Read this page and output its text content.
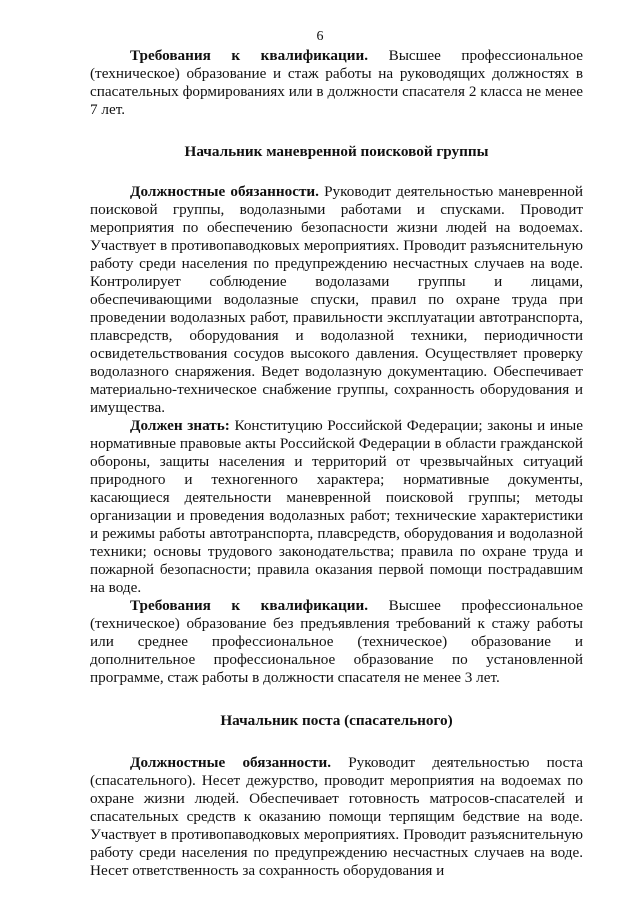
6

Требования к квалификации. Высшее профессиональное (техническое) образование и стаж работы на руководящих должностях в спасательных формированиях или в должности спасателя 2 класса не менее 7 лет.

Начальник маневренной поисковой группы

Должностные обязанности. Руководит деятельностью маневренной поисковой группы, водолазными работами и спусками. Проводит мероприятия по обеспечению безопасности жизни людей на водоемах. Участвует в противопаводковых мероприятиях. Проводит разъяснительную работу среди населения по предупреждению несчастных случаев на воде. Контролирует соблюдение водолазами группы и лицами, обеспечивающими водолазные спуски, правил по охране труда при проведении водолазных работ, правильности эксплуатации автотранспорта, плавсредств, оборудования и водолазной техники, периодичности освидетельствования сосудов высокого давления. Осуществляет проверку водолазного снаряжения. Ведет водолазную документацию. Обеспечивает материально-техническое снабжение группы, сохранность оборудования и имущества.

Должен знать: Конституцию Российской Федерации; законы и иные нормативные правовые акты Российской Федерации в области гражданской обороны, защиты населения и территорий от чрезвычайных ситуаций природного и техногенного характера; нормативные документы, касающиеся деятельности маневренной поисковой группы; методы организации и проведения водолазных работ; технические характеристики и режимы работы автотранспорта, плавсредств, оборудования и водолазной техники; основы трудового законодательства; правила по охране труда и пожарной безопасности; правила оказания первой помощи пострадавшим на воде.

Требования к квалификации. Высшее профессиональное (техническое) образование без предъявления требований к стажу работы или среднее профессиональное (техническое) образование и дополнительное профессиональное образование по установленной программе, стаж работы в должности спасателя не менее 3 лет.

Начальник поста (спасательного)

Должностные обязанности. Руководит деятельностью поста (спасательного). Несет дежурство, проводит мероприятия на водоемах по охране жизни людей. Обеспечивает готовность матросов-спасателей и спасательных средств к оказанию помощи терпящим бедствие на воде. Участвует в противопаводковых мероприятиях. Проводит разъяснительную работу среди населения по предупреждению несчастных случаев на воде. Несет ответственность за сохранность оборудования и
